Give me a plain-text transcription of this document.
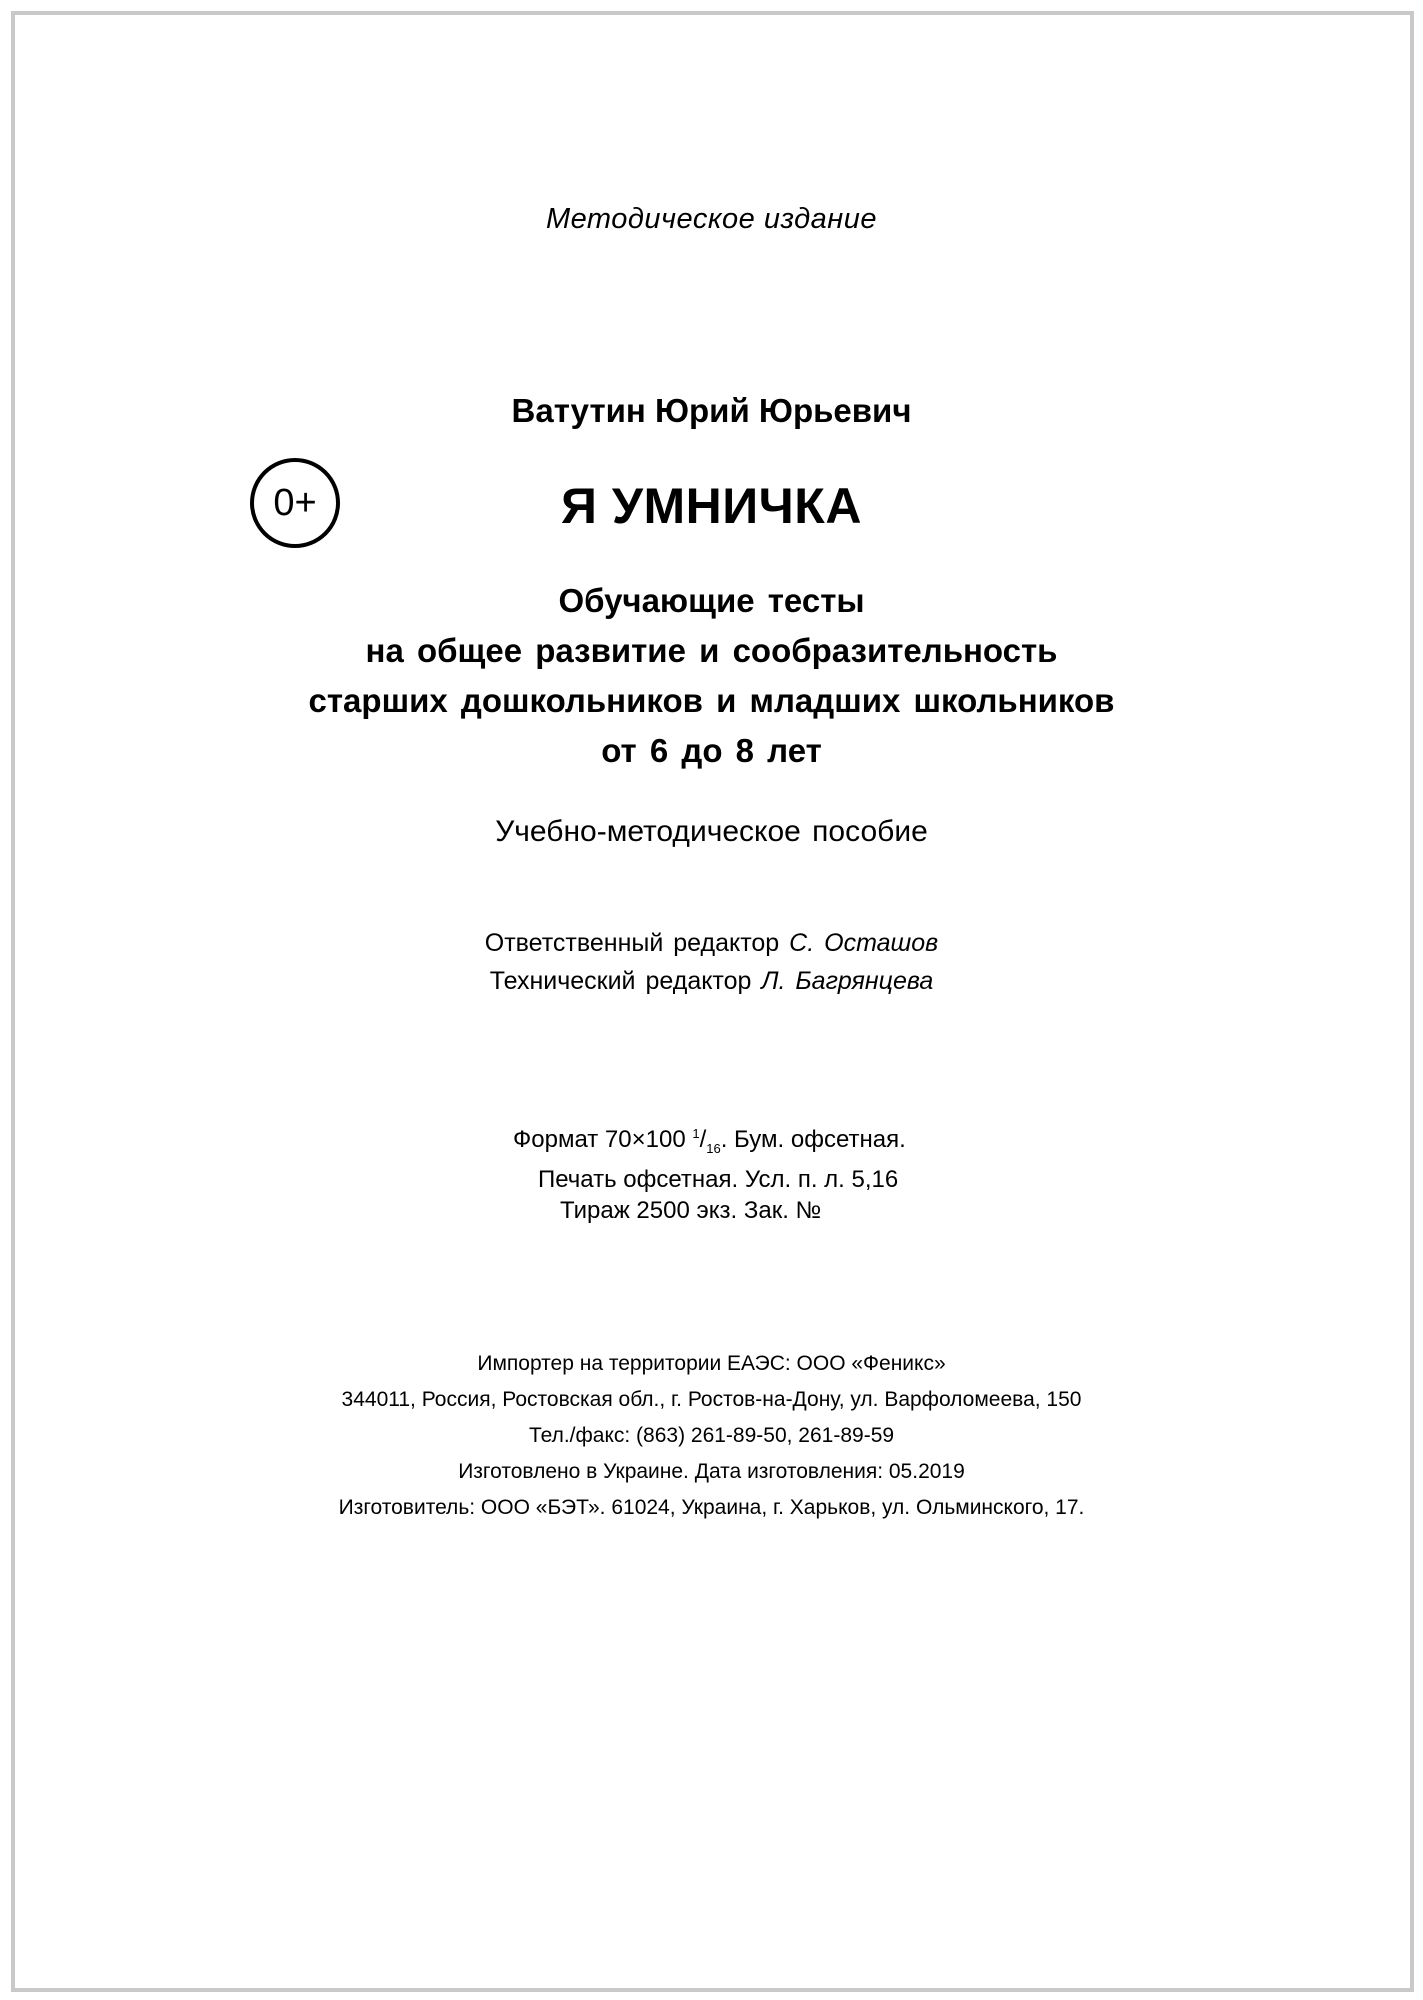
Методическое издание
Ватутин Юрий Юрьевич
0+	Я УМНИЧКА
Обучающие тесты
на общее развитие и сообразительность
старших дошкольников и младших школьников
от 6 до 8 лет
Учебно-методическое пособие
Ответственный редактор С. Осташов
Технический редактор Л. Багрянцева
Формат 70×100 $^1/_{16}$. Бум. офсетная.
Печать офсетная. Усл. п. л. 5,16
Тираж 2500 экз. Зак. №
Импортер на территории ЕАЭС: ООО «Феникс»
344011, Россия, Ростовская обл., г. Ростов-на-Дону, ул. Варфоломеева, 150
Тел./факс: (863) 261-89-50, 261-89-59
Изготовлено в Украине. Дата изготовления: 05.2019
Изготовитель: ООО «БЭТ». 61024, Украина, г. Харьков, ул. Ольминского, 17.
